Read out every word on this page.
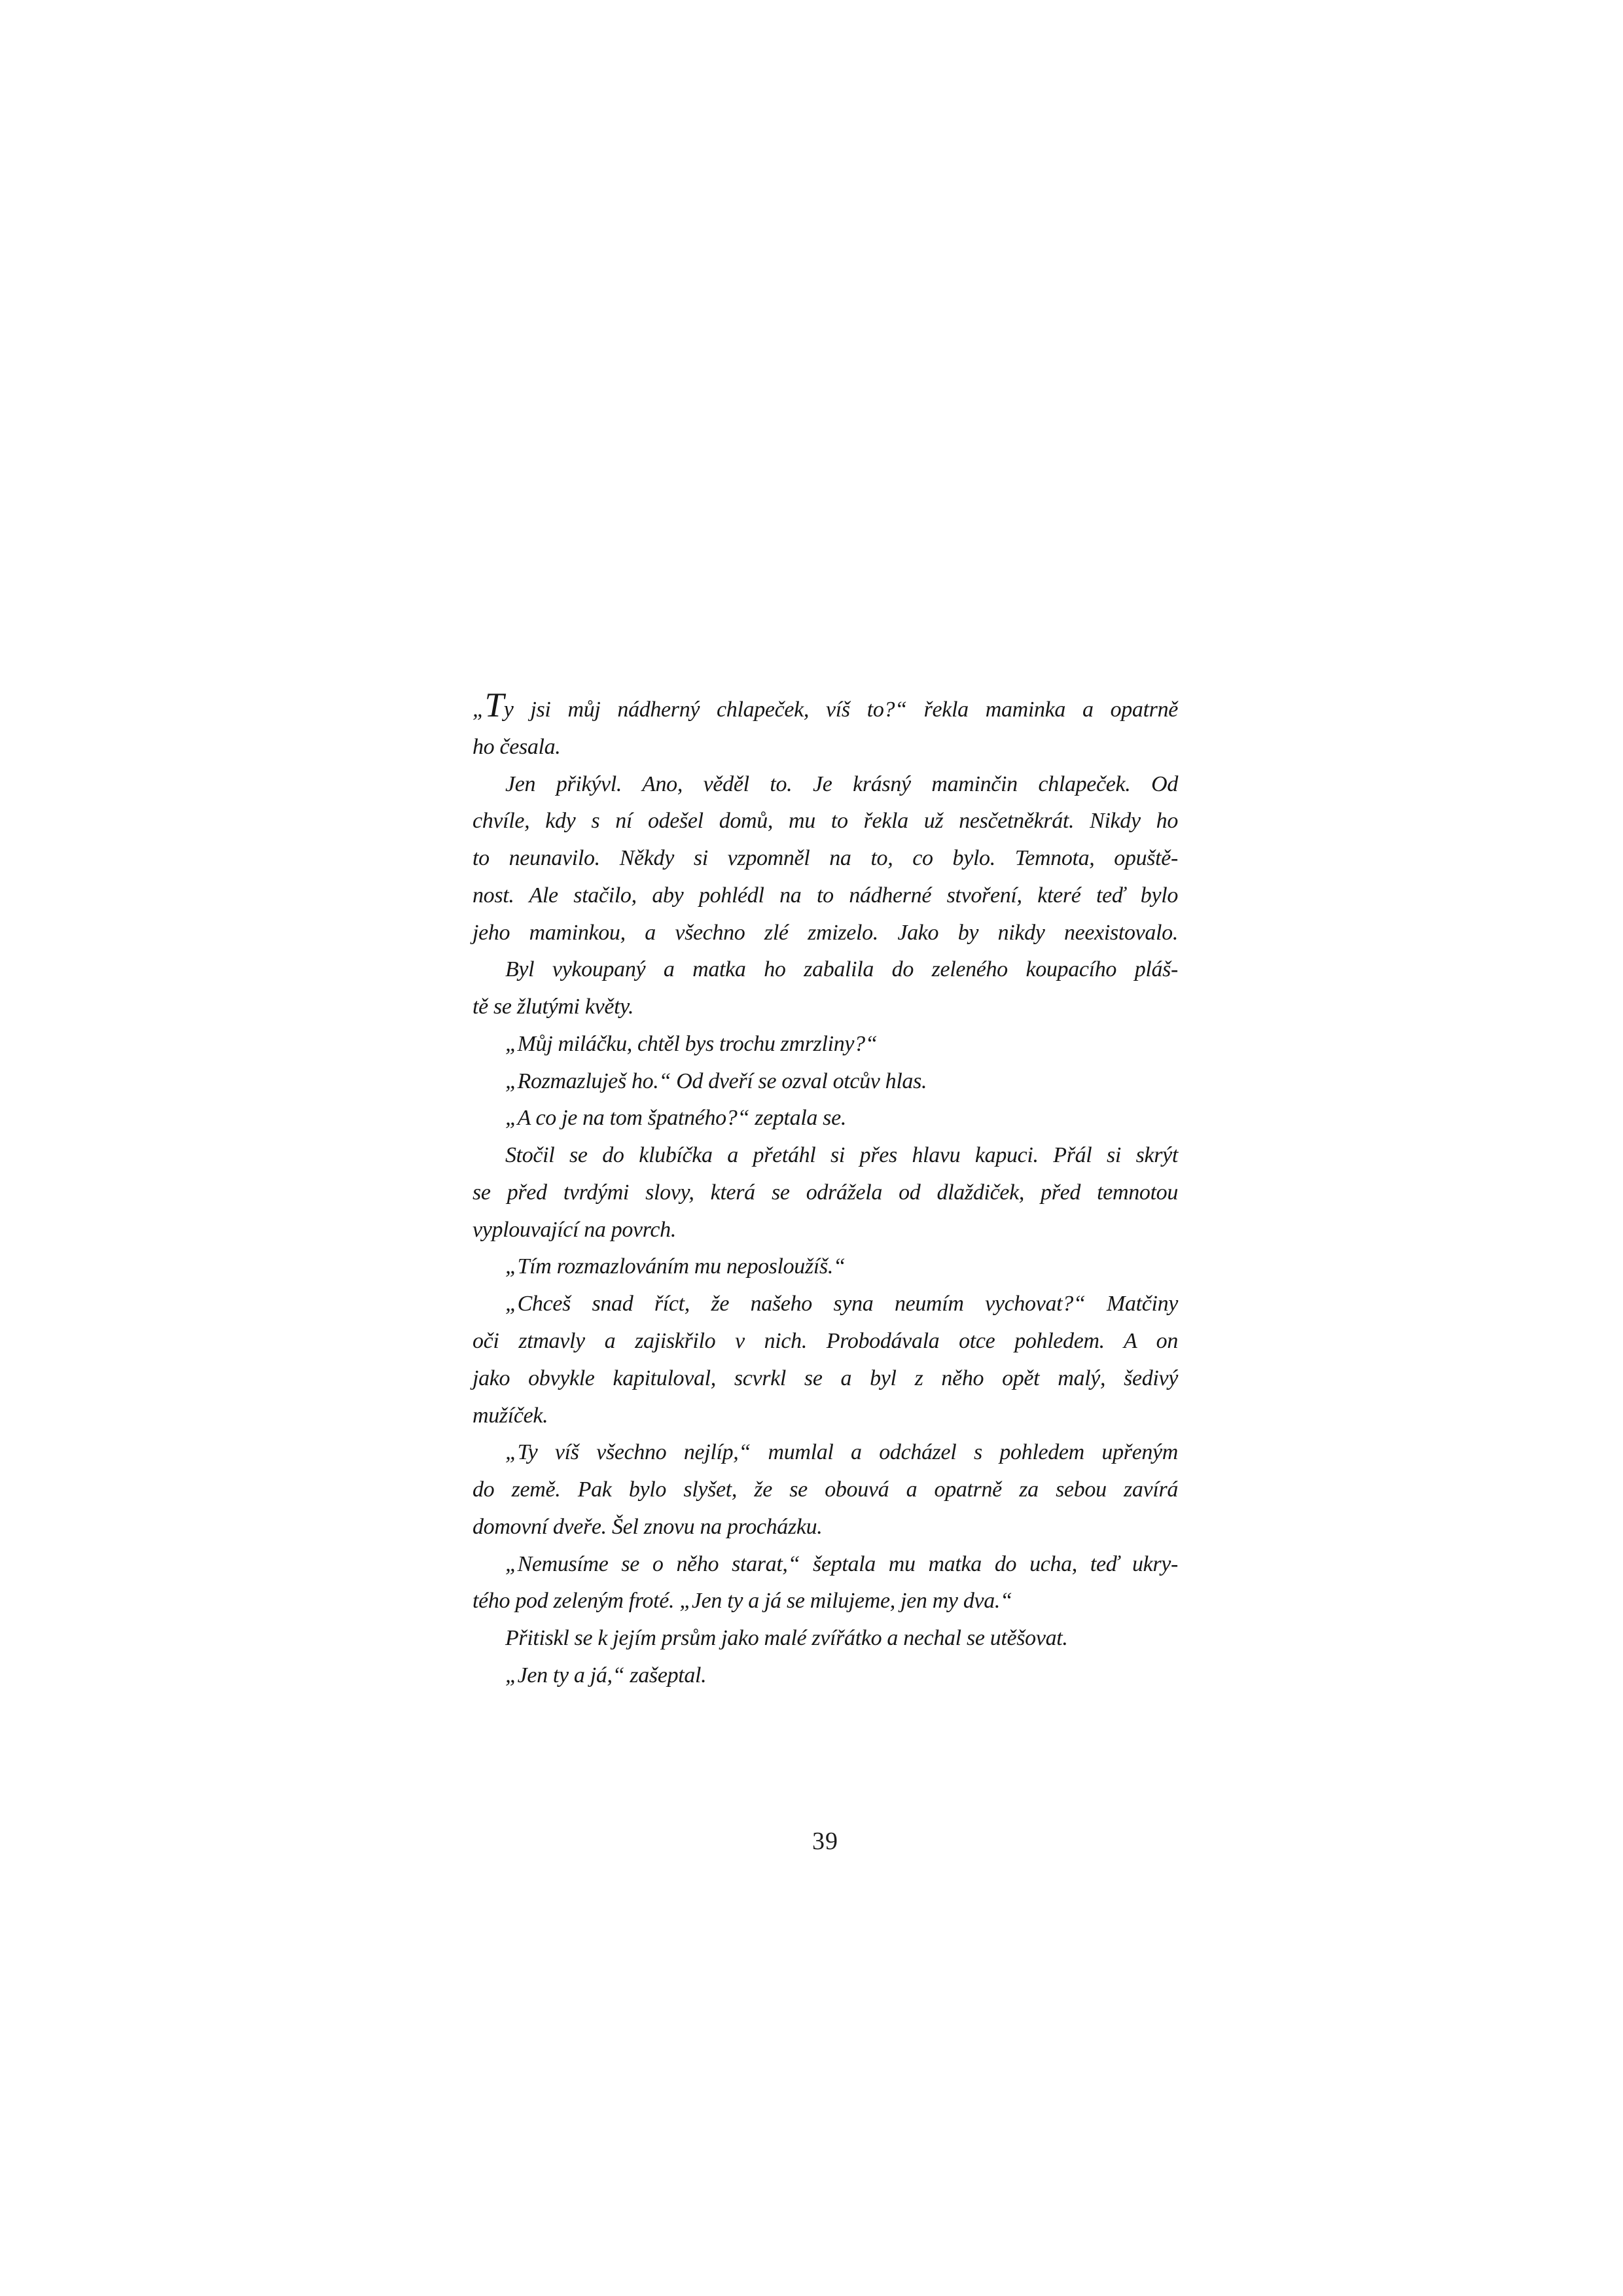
„Ty jsi můj nádherný chlapeček, víš to?“ řekla maminka a opatrně
ho česala.
Jen přikývl. Ano, věděl to. Je krásný maminčin chlapeček. Od
chvíle, kdy s ní odešel domů, mu to řekla už nesčetněkrát. Nikdy ho
to neunavilo. Někdy si vzpomněl na to, co bylo. Temnota, opuště-
nost. Ale stačilo, aby pohlédl na to nádherné stvoření, které teď bylo
jeho maminkou, a všechno zlé zmizelo. Jako by nikdy neexistovalo.
Byl vykoupaný a matka ho zabalila do zeleného koupacího pláš-
tě se žlutými květy.
„Můj miláčku, chtěl bys trochu zmrzliny?“
„Rozmazluješ ho.“ Od dveří se ozval otcův hlas.
„A co je na tom špatného?“ zeptala se.
Stočil se do klubíčka a přetáhl si přes hlavu kapuci. Přál si skrýt
se před tvrdými slovy, která se odrážela od dlaždiček, před temnotou
vyplouvající na povrch.
„Tím rozmazlováním mu neposloužíš.“
„Chceš snad říct, že našeho syna neumím vychovat?“ Matčiny
oči ztmavly a zajiskřilo v nich. Probodávala otce pohledem. A on
jako obvykle kapituloval, scvrkl se a byl z něho opět malý, šedivý
mužíček.
„Ty víš všechno nejlíp,“ mumlal a odcházel s pohledem upřeným
do země. Pak bylo slyšet, že se obouvá a opatrně za sebou zavírá
domovní dveře. Šel znovu na procházku.
„Nemusíme se o něho starat,“ šeptala mu matka do ucha, teď ukry-
tého pod zeleným froté. „Jen ty a já se milujeme, jen my dva.“
Přitiskl se k jejím prsům jako malé zvířátko a nechal se utěšovat.
„Jen ty a já,“ zašeptal.
39
